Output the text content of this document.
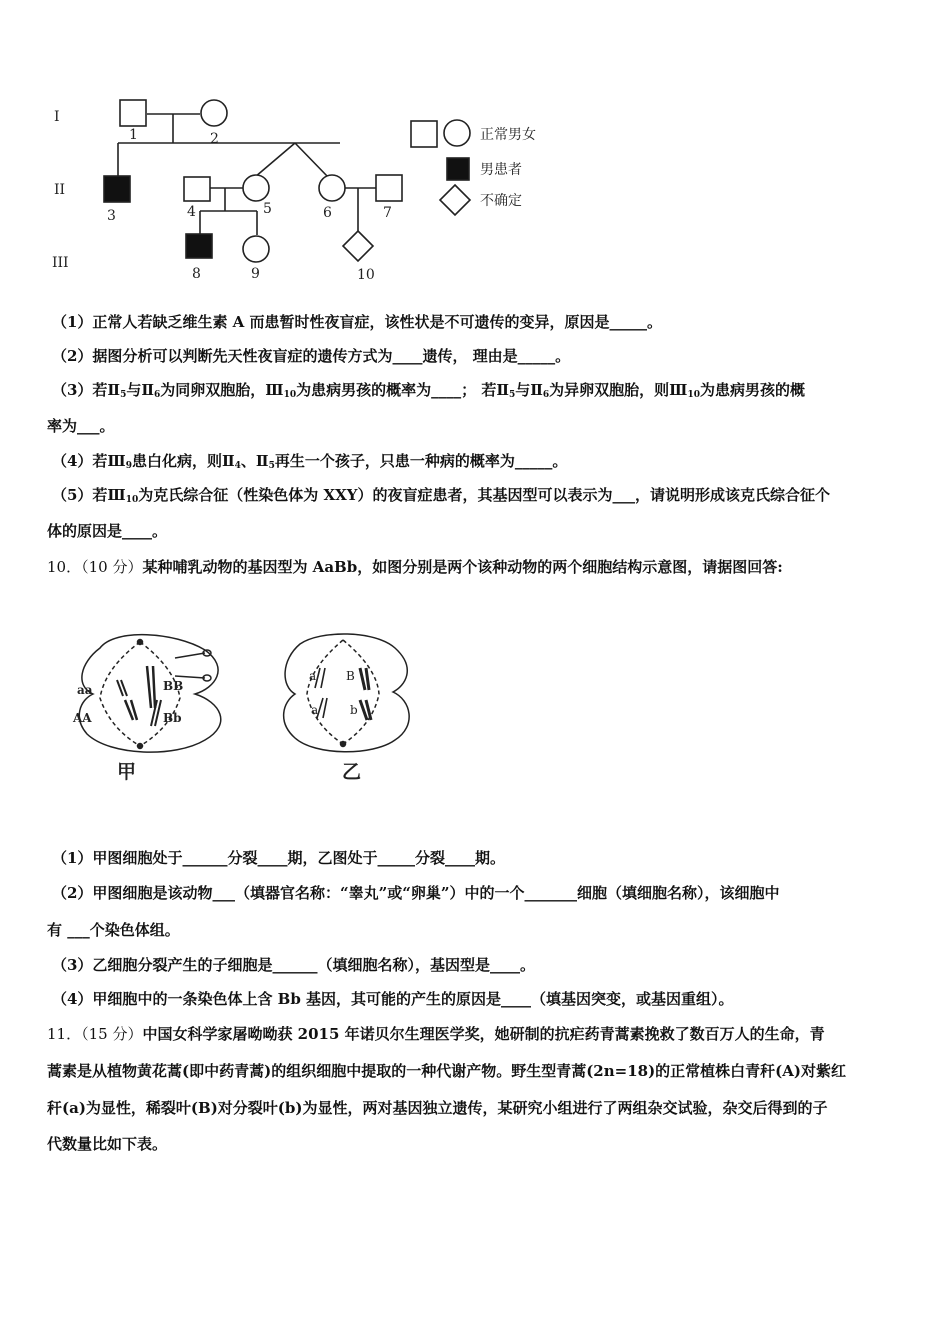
I
II
III
1	2
3	4	5	6	7
8	9	10
正常男女
男患者
不确定
（1）正常人若缺乏维生素 A 而患暂时性夜盲症，该性状是不可遗传的变异，原因是_____。
（2）据图分析可以判断先天性夜盲症的遗传方式为____遗传， 理由是_____。
（3）若$Ⅱ_5$与$Ⅱ_6$为同卵双胞胎，$Ⅲ_{10}$为患病男孩的概率为____； 若$Ⅱ_5$与$Ⅱ_6$为异卵双胞胎，则$Ⅲ_{10}$为患病男孩的概
率为___。
（4）若$Ⅲ_9$患白化病，则$Ⅱ_4$、$Ⅱ_5$再生一个孩子，只患一种病的概率为_____。
（5）若$Ⅲ_{10}$为克氏综合征（性染色体为 XXY）的夜盲症患者，其基因型可以表示为___，请说明形成该克氏综合征个
体的原因是____。
10．（10 分）某种哺乳动物的基因型为 AaBb，如图分别是两个该种动物的两个细胞结构示意图，请据图回答:
aa
AA
BB
Bb
甲
a B
a	b
乙
（1）甲图细胞处于______分裂____期，乙图处于_____分裂____期。
（2）甲图细胞是该动物___（填器官名称：“睾丸”或“卵巢”）中的一个_______细胞（填细胞名称），该细胞中
有 ___个染色体组。
（3）乙细胞分裂产生的子细胞是______（填细胞名称），基因型是____。
（4）甲细胞中的一条染色体上含 Bb 基因，其可能的产生的原因是____（填基因突变，或基因重组）。
11．（15 分）中国女科学家屠呦呦获 2015 年诺贝尔生理医学奖，她研制的抗疟药青蒿素挽救了数百万人的生命，青
蒿素是从植物黄花蒿(即中药青蒿)的组织细胞中提取的一种代谢产物。野生型青蒿(2n=18)的正常植株白青秆(A)对紫红
秆(a)为显性，稀裂叶(B)对分裂叶(b)为显性，两对基因独立遗传，某研究小组进行了两组杂交试验，杂交后得到的子
代数量比如下表。
